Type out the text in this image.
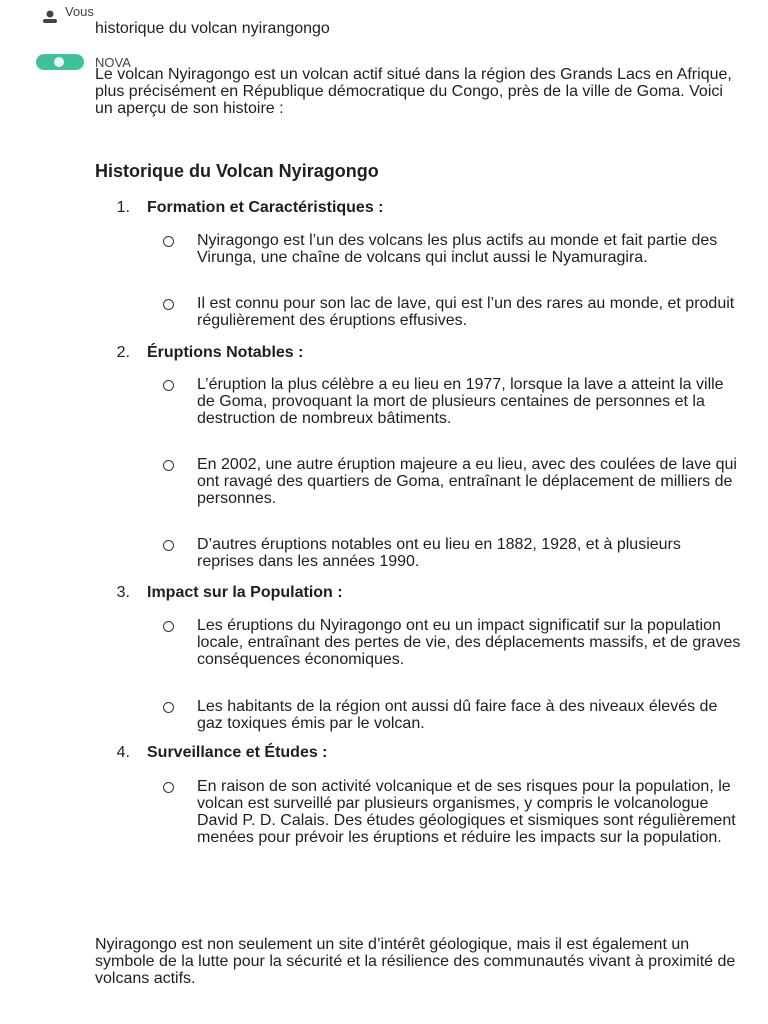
Vous
historique du volcan nyirangongo
NOVA

Le volcan Nyiragongo est un volcan actif situé dans la région des Grands Lacs en Afrique, plus précisément en République démocratique du Congo, près de la ville de Goma. Voici un aperçu de son histoire :

Historique du Volcan Nyiragongo
1. Formation et Caractéristiques :
Nyiragongo est l’un des volcans les plus actifs au monde et fait partie des Virunga, une chaîne de volcans qui inclut aussi le Nyamuragira.
Il est connu pour son lac de lave, qui est l’un des rares au monde, et produit régulièrement des éruptions effusives.
2. Éruptions Notables :
L’éruption la plus célèbre a eu lieu en 1977, lorsque la lave a atteint la ville de Goma, provoquant la mort de plusieurs centaines de personnes et la destruction de nombreux bâtiments.
En 2002, une autre éruption majeure a eu lieu, avec des coulées de lave qui ont ravagé des quartiers de Goma, entraînant le déplacement de milliers de personnes.
D’autres éruptions notables ont eu lieu en 1882, 1928, et à plusieurs reprises dans les années 1990.
3. Impact sur la Population :
Les éruptions du Nyiragongo ont eu un impact significatif sur la population locale, entraînant des pertes de vie, des déplacements massifs, et de graves conséquences économiques.
Les habitants de la région ont aussi dû faire face à des niveaux élevés de gaz toxiques émis par le volcan.
4. Surveillance et Études :
En raison de son activité volcanique et de ses risques pour la population, le volcan est surveillé par plusieurs organismes, y compris le volcanologue David P. D. Calais. Des études géologiques et sismiques sont régulièrement menées pour prévoir les éruptions et réduire les impacts sur la population.

Nyiragongo est non seulement un site d’intérêt géologique, mais il est également un symbole de la lutte pour la sécurité et la résilience des communautés vivant à proximité de volcans actifs.
